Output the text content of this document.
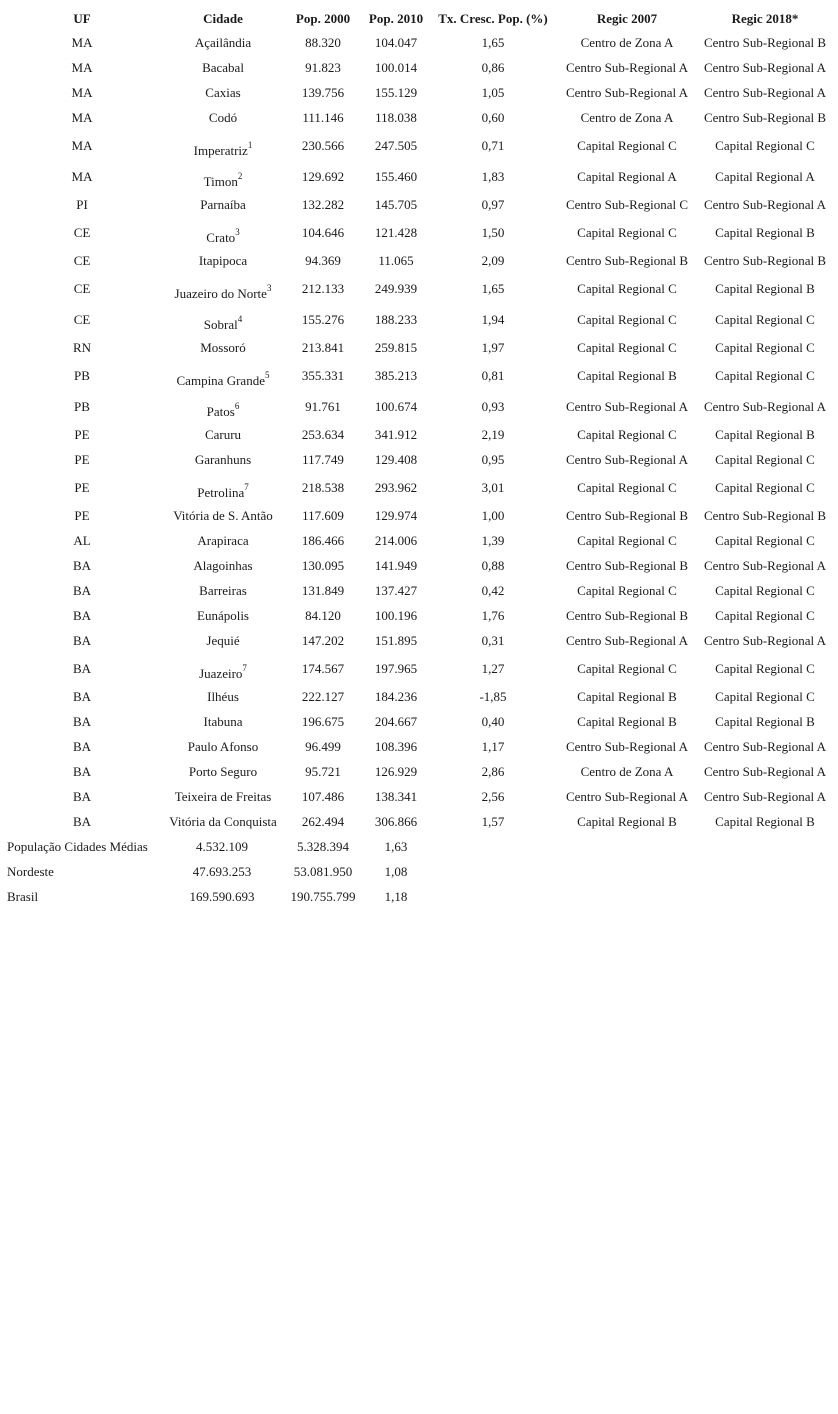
UF	Cidade	Pop. 2000	Pop. 2010	Tx. Cresc. Pop. (%)	Regic 2007	Regic 2018*
MA	Açailândia	88.320	104.047	1,65	Centro de Zona A	Centro Sub-Regional B
MA	Bacabal	91.823	100.014	0,86	Centro Sub-Regional A	Centro Sub-Regional A
MA	Caxias	139.756	155.129	1,05	Centro Sub-Regional A	Centro Sub-Regional A
MA	Codó	111.146	118.038	0,60	Centro de Zona A	Centro Sub-Regional B
MA	Imperatriz$^1$	230.566	247.505	0,71	Capital Regional C	Capital Regional C
MA	Timon$^2$	129.692	155.460	1,83	Capital Regional A	Capital Regional A
PI	Parnaíba	132.282	145.705	0,97	Centro Sub-Regional C	Centro Sub-Regional A
CE	Crato$^3$	104.646	121.428	1,50	Capital Regional C	Capital Regional B
CE	Itapipoca	94.369	11.065	2,09	Centro Sub-Regional B	Centro Sub-Regional B
CE	Juazeiro do Norte$^3$	212.133	249.939	1,65	Capital Regional C	Capital Regional B
CE	Sobral$^4$	155.276	188.233	1,94	Capital Regional C	Capital Regional C
RN	Mossoró	213.841	259.815	1,97	Capital Regional C	Capital Regional C
PB	Campina Grande$^5$	355.331	385.213	0,81	Capital Regional B	Capital Regional C
PB	Patos$^6$	91.761	100.674	0,93	Centro Sub-Regional A	Centro Sub-Regional A
PE	Caruru	253.634	341.912	2,19	Capital Regional C	Capital Regional B
PE	Garanhuns	117.749	129.408	0,95	Centro Sub-Regional A	Capital Regional C
PE	Petrolina$^7$	218.538	293.962	3,01	Capital Regional C	Capital Regional C
PE	Vitória de S. Antão	117.609	129.974	1,00	Centro Sub-Regional B	Centro Sub-Regional B
AL	Arapiraca	186.466	214.006	1,39	Capital Regional C	Capital Regional C
BA	Alagoinhas	130.095	141.949	0,88	Centro Sub-Regional B	Centro Sub-Regional A
BA	Barreiras	131.849	137.427	0,42	Capital Regional C	Capital Regional C
BA	Eunápolis	84.120	100.196	1,76	Centro Sub-Regional B	Capital Regional C
BA	Jequié	147.202	151.895	0,31	Centro Sub-Regional A	Centro Sub-Regional A
BA	Juazeiro$^7$	174.567	197.965	1,27	Capital Regional C	Capital Regional C
BA	Ilhéus	222.127	184.236	-1,85	Capital Regional B	Capital Regional C
BA	Itabuna	196.675	204.667	0,40	Capital Regional B	Capital Regional B
BA	Paulo Afonso	96.499	108.396	1,17	Centro Sub-Regional A	Centro Sub-Regional A
BA	Porto Seguro	95.721	126.929	2,86	Centro de Zona A	Centro Sub-Regional A
BA	Teixeira de Freitas	107.486	138.341	2,56	Centro Sub-Regional A	Centro Sub-Regional A
BA	Vitória da Conquista	262.494	306.866	1,57	Capital Regional B	Capital Regional B
População Cidades Médias	4.532.109	5.328.394	1,63
Nordeste	47.693.253	53.081.950	1,08
Brasil	169.590.693	190.755.799	1,18
